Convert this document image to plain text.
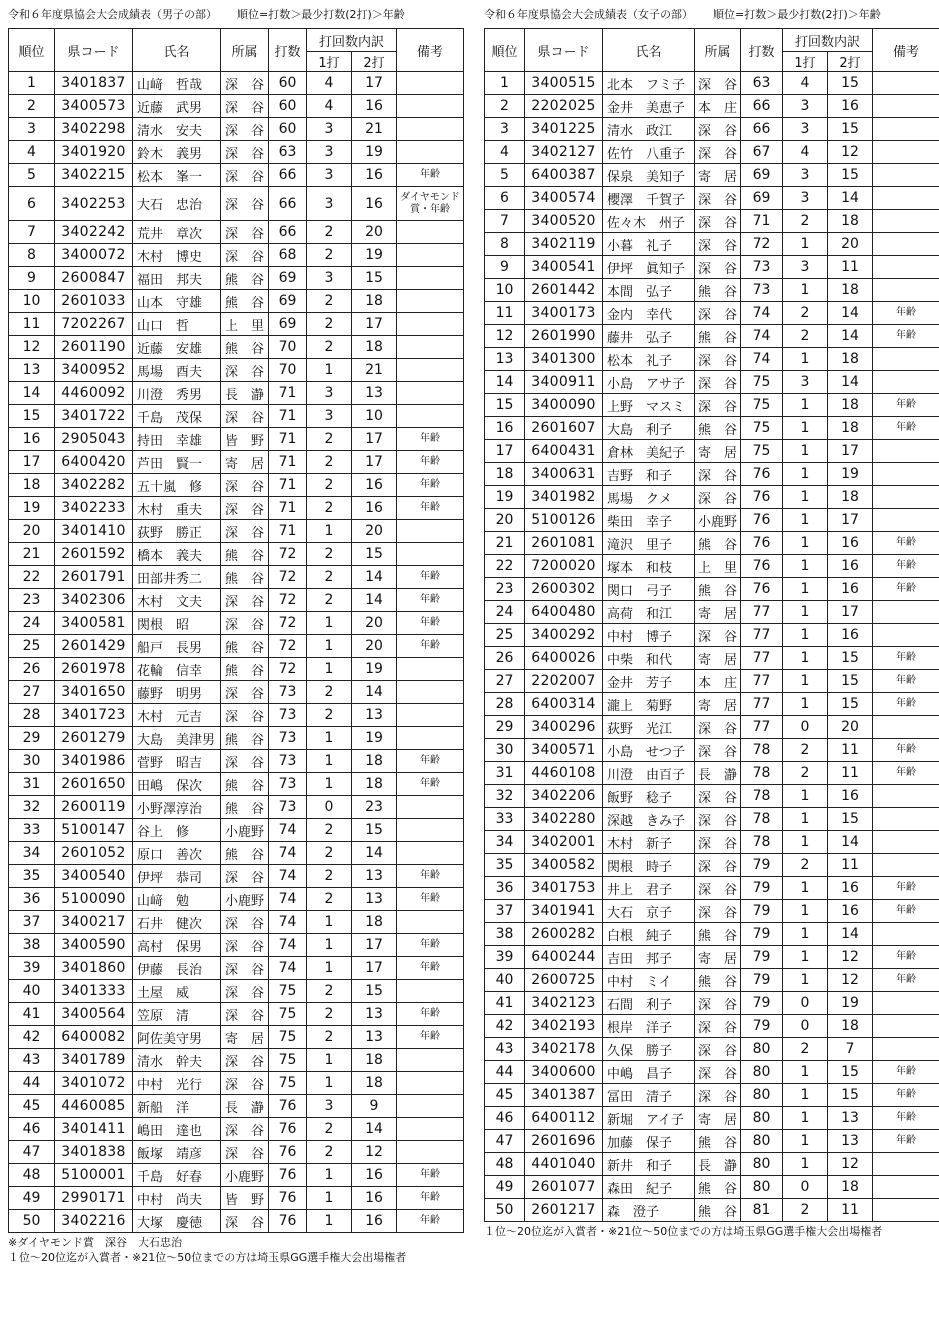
令和６年度県協会大会成績表（男子の部） 順位=打数＞最少打数(2打)＞年齢
順位	県コード	氏名	所属	打数	打回数内訳		備考
					1打	2打	
1	3401837	山﨑　哲哉	深　谷	60	4	17	
2	3400573	近藤　武男	深　谷	60	4	16	
3	3402298	清水　安夫	深　谷	60	3	21	
4	3401920	鈴木　義男	深　谷	63	3	19	
5	3402215	松本　峯一	深　谷	66	3	16	年齢
6	3402253	大石　忠治	深　谷	66	3	16	ダイヤモンド賞・年齢
7	3402242	荒井　章次	深　谷	66	2	20	
8	3400072	木村　博史	深　谷	68	2	19	
9	2600847	福田　邦夫	熊　谷	69	3	15	
10	2601033	山本　守雄	熊　谷	69	2	18	
11	7202267	山口　哲	上　里	69	2	17	
12	2601190	近藤　安雄	熊　谷	70	2	18	
13	3400952	馬場　酉夫	深　谷	70	1	21	
14	4460092	川澄　秀男	長　瀞	71	3	13	
15	3401722	千島　茂保	深　谷	71	3	10	
16	2905043	持田　幸雄	皆　野	71	2	17	年齢
17	6400420	芦田　賢一	寄　居	71	2	17	年齢
18	3402282	五十嵐　修	深　谷	71	2	16	年齢
19	3402233	木村　重夫	深　谷	71	2	16	年齢
20	3401410	荻野　勝正	深　谷	71	1	20	
21	2601592	橋本　義夫	熊　谷	72	2	15	
22	2601791	田部井秀二	熊　谷	72	2	14	年齢
23	3402306	木村　文夫	深　谷	72	2	14	年齢
24	3400581	関根　昭	深　谷	72	1	20	年齢
25	2601429	船戸　長男	熊　谷	72	1	20	年齢
26	2601978	花輪　信幸	熊　谷	72	1	19	
27	3401650	藤野　明男	深　谷	73	2	14	
28	3401723	木村　元吉	深　谷	73	2	13	
29	2601279	大島　美津男	熊　谷	73	1	19	
30	3401986	菅野　昭吉	深　谷	73	1	18	年齢
31	2601650	田嶋　保次	熊　谷	73	1	18	年齢
32	2600119	小野澤淳治	熊　谷	73	0	23	
33	5100147	谷上　修	小鹿野	74	2	15	
34	2601052	原口　善次	熊　谷	74	2	14	
35	3400540	伊坪　恭司	深　谷	74	2	13	年齢
36	5100090	山﨑　勉	小鹿野	74	2	13	年齢
37	3400217	石井　健次	深　谷	74	1	18	
38	3400590	高村　保男	深　谷	74	1	17	年齢
39	3401860	伊藤　長治	深　谷	74	1	17	年齢
40	3401333	土屋　威	深　谷	75	2	15	
41	3400564	笠原　清	深　谷	75	2	13	年齢
42	6400082	阿佐美守男	寄　居	75	2	13	年齢
43	3401789	清水　幹夫	深　谷	75	1	18	
44	3401072	中村　光行	深　谷	75	1	18	
45	4460085	新船　洋	長　瀞	76	3	9	
46	3401411	嶋田　達也	深　谷	76	2	14	
47	3401838	飯塚　靖彦	深　谷	76	2	12	
48	5100001	千島　好春	小鹿野	76	1	16	年齢
49	2990171	中村　尚夫	皆　野	76	1	16	年齢
50	3402216	大塚　慶徳	深　谷	76	1	16	年齢
※ダイヤモンド賞　深谷　大石忠治
１位～20位迄が入賞者・※21位～50位までの方は埼玉県GG選手権大会出場権者
令和６年度県協会大会成績表（女子の部） 順位=打数＞最少打数(2打)＞年齢
順位	県コード	氏名	所属	打数	打回数内訳		備考
					1打	2打	
1	3400515	北本　フミ子	深　谷	63	4	15	
2	2202025	金井　美恵子	本　庄	66	3	16	
3	3401225	清水　政江	深　谷	66	3	15	
4	3402127	佐竹　八重子	深　谷	67	4	12	
5	6400387	保泉　美知子	寄　居	69	3	15	
6	3400574	櫻澤　千賀子	深　谷	69	3	14	
7	3400520	佐々木　州子	深　谷	71	2	18	
8	3402119	小暮　礼子	深　谷	72	1	20	
9	3400541	伊坪　眞知子	深　谷	73	3	11	
10	2601442	本間　弘子	熊　谷	73	1	18	
11	3400173	金内　幸代	深　谷	74	2	14	年齢
12	2601990	藤井　弘子	熊　谷	74	2	14	年齢
13	3401300	松本　礼子	深　谷	74	1	18	
14	3400911	小島　アサ子	深　谷	75	3	14	
15	3400090	上野　マスミ	深　谷	75	1	18	年齢
16	2601607	大島　利子	熊　谷	75	1	18	年齢
17	6400431	倉林　美紀子	寄　居	75	1	17	
18	3400631	吉野　和子	深　谷	76	1	19	
19	3401982	馬場　クメ	深　谷	76	1	18	
20	5100126	柴田　幸子	小鹿野	76	1	17	
21	2601081	滝沢　里子	熊　谷	76	1	16	年齢
22	7200020	塚本　和枝	上　里	76	1	16	年齢
23	2600302	関口　弓子	熊　谷	76	1	16	年齢
24	6400480	高荷　和江	寄　居	77	1	17	
25	3400292	中村　博子	深　谷	77	1	16	
26	6400026	中柴　和代	寄　居	77	1	15	年齢
27	2202007	金井　芳子	本　庄	77	1	15	年齢
28	6400314	瀧上　菊野	寄　居	77	1	15	年齢
29	3400296	荻野　光江	深　谷	77	0	20	
30	3400571	小島　せつ子	深　谷	78	2	11	年齢
31	4460108	川澄　由百子	長　瀞	78	2	11	年齢
32	3402206	飯野　稔子	深　谷	78	1	16	
33	3402280	深越　きみ子	深　谷	78	1	15	
34	3402001	木村　新子	深　谷	78	1	14	
35	3400582	関根　時子	深　谷	79	2	11	
36	3401753	井上　君子	深　谷	79	1	16	年齢
37	3401941	大石　京子	深　谷	79	1	16	年齢
38	2600282	白根　純子	熊　谷	79	1	14	
39	6400244	吉田　邦子	寄　居	79	1	12	年齢
40	2600725	中村　ミイ	熊　谷	79	1	12	年齢
41	3402123	石間　利子	深　谷	79	0	19	
42	3402193	根岸　洋子	深　谷	79	0	18	
43	3402178	久保　勝子	深　谷	80	2	7	
44	3400600	中嶋　昌子	深　谷	80	1	15	年齢
45	3401387	冨田　清子	深　谷	80	1	15	年齢
46	6400112	新堀　アイ子	寄　居	80	1	13	年齢
47	2601696	加藤　保子	熊　谷	80	1	13	年齢
48	4401040	新井　和子	長　瀞	80	1	12	
49	2601077	森田　紀子	熊　谷	80	0	18	
50	2601217	森　澄子	熊　谷	81	2	11	
１位～20位迄が入賞者・※21位～50位までの方は埼玉県GG選手権大会出場権者
